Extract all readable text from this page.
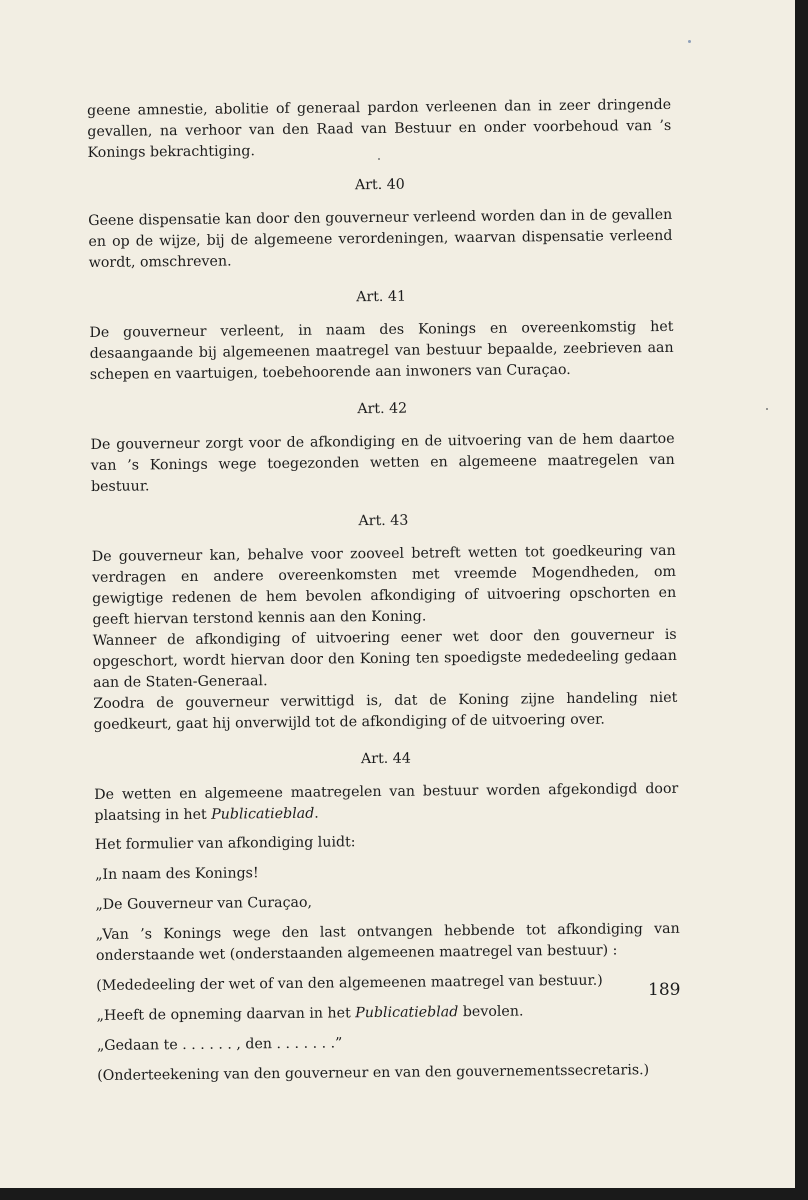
geene amnestie, abolitie of generaal pardon verleenen dan in zeer dringende gevallen, na verhoor van den Raad van Bestuur en onder voorbehoud van ’s Konings bekrachtiging.

Art. 40

Geene dispensatie kan door den gouverneur verleend worden dan in de gevallen en op de wijze, bij de algemeene verordeningen, waarvan dispensatie verleend wordt, omschreven.

Art. 41

De gouverneur verleent, in naam des Konings en overeenkomstig het desaangaande bij algemeenen maatregel van bestuur bepaalde, zeebrieven aan schepen en vaartuigen, toebehoorende aan inwoners van Curaçao.

Art. 42

De gouverneur zorgt voor de afkondiging en de uitvoering van de hem daartoe van ’s Konings wege toegezonden wetten en algemeene maatregelen van bestuur.

Art. 43

De gouverneur kan, behalve voor zooveel betreft wetten tot goedkeuring van verdragen en andere overeenkomsten met vreemde Mogendheden, om gewigtige redenen de hem bevolen afkondiging of uitvoering opschorten en geeft hiervan terstond kennis aan den Koning.

Wanneer de afkondiging of uitvoering eener wet door den gouverneur is opgeschort, wordt hiervan door den Koning ten spoedigste mededeeling gedaan aan de Staten-Generaal.

Zoodra de gouverneur verwittigd is, dat de Koning zijne handeling niet goedkeurt, gaat hij onverwijld tot de afkondiging of de uitvoering over.

Art. 44

De wetten en algemeene maatregelen van bestuur worden afgekondigd door plaatsing in het Publicatieblad.

Het formulier van afkondiging luidt:

„In naam des Konings!

„De Gouverneur van Curaçao,

„Van ’s Konings wege den last ontvangen hebbende tot afkondiging van onderstaande wet (onderstaanden algemeenen maatregel van bestuur) :

(Mededeeling der wet of van den algemeenen maatregel van bestuur.)

„Heeft de opneming daarvan in het Publicatieblad bevolen.

„Gedaan te . . . . . . , den . . . . . . .”

(Onderteekening van den gouverneur en van den gouvernementssecretaris.)

189
